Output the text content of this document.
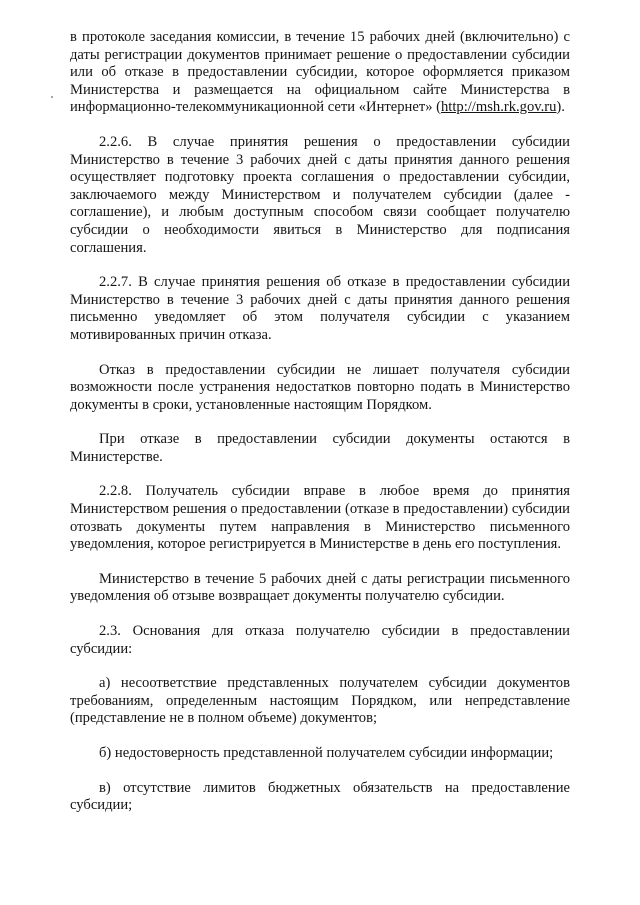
в протоколе заседания комиссии, в течение 15 рабочих дней (включительно) с даты регистрации документов принимает решение о предоставлении субсидии или об отказе в предоставлении субсидии, которое оформляется приказом Министерства и размещается на официальном сайте Министерства в информационно-телекоммуникационной сети «Интернет» (http://msh.rk.gov.ru).

2.2.6. В случае принятия решения о предоставлении субсидии Министерство в течение 3 рабочих дней с даты принятия данного решения осуществляет подготовку проекта соглашения о предоставлении субсидии, заключаемого между Министерством и получателем субсидии (далее - соглашение), и любым доступным способом связи сообщает получателю субсидии о необходимости явиться в Министерство для подписания соглашения.

2.2.7. В случае принятия решения об отказе в предоставлении субсидии Министерство в течение 3 рабочих дней с даты принятия данного решения письменно уведомляет об этом получателя субсидии с указанием мотивированных причин отказа.

Отказ в предоставлении субсидии не лишает получателя субсидии возможности после устранения недостатков повторно подать в Министерство документы в сроки, установленные настоящим Порядком.

При отказе в предоставлении субсидии документы остаются в Министерстве.

2.2.8. Получатель субсидии вправе в любое время до принятия Министерством решения о предоставлении (отказе в предоставлении) субсидии отозвать документы путем направления в Министерство письменного уведомления, которое регистрируется в Министерстве в день его поступления.

Министерство в течение 5 рабочих дней с даты регистрации письменного уведомления об отзыве возвращает документы получателю субсидии.

2.3. Основания для отказа получателю субсидии в предоставлении субсидии:

а) несоответствие представленных получателем субсидии документов требованиям, определенным настоящим Порядком, или непредставление (представление не в полном объеме) документов;

б) недостоверность представленной получателем субсидии информации;

в) отсутствие лимитов бюджетных обязательств на предоставление субсидии;
